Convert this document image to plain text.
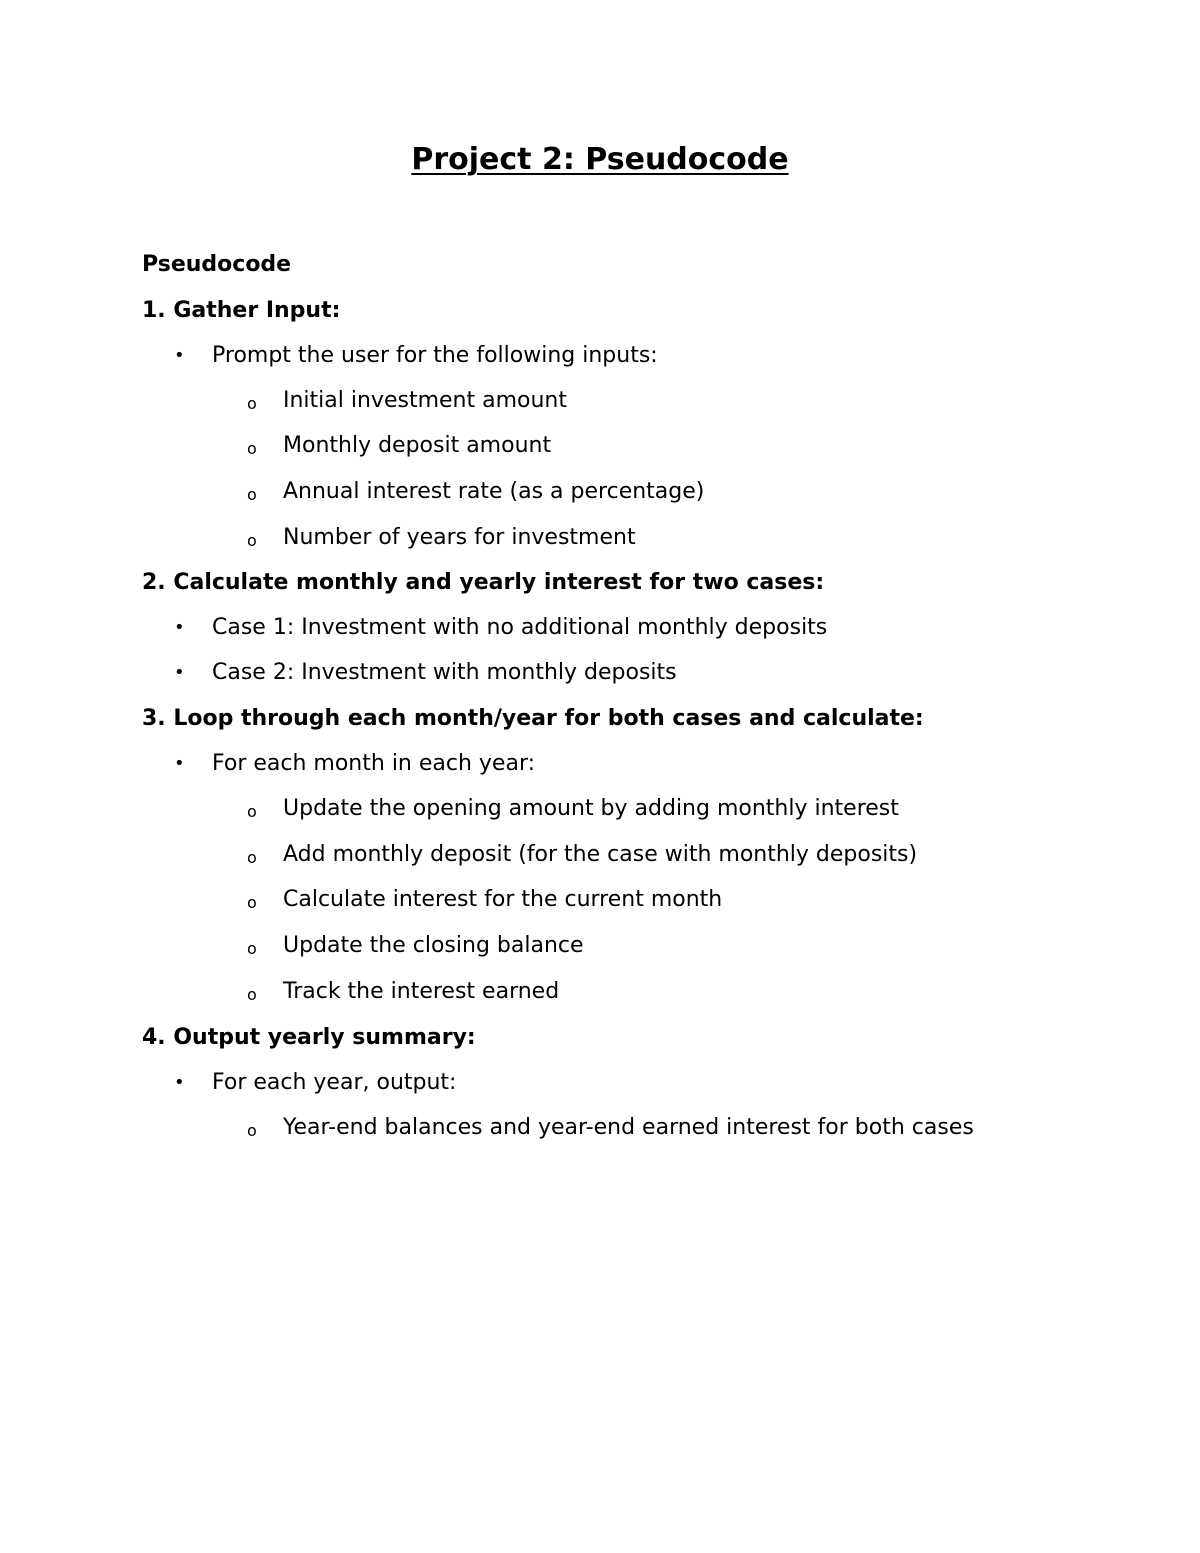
Project 2: Pseudocode

Pseudocode

1. Gather Input:

• Prompt the user for the following inputs:

o Initial investment amount

o Monthly deposit amount

o Annual interest rate (as a percentage)

o Number of years for investment

2. Calculate monthly and yearly interest for two cases:

• Case 1: Investment with no additional monthly deposits

• Case 2: Investment with monthly deposits

3. Loop through each month/year for both cases and calculate:

• For each month in each year:

o Update the opening amount by adding monthly interest

o Add monthly deposit (for the case with monthly deposits)

o Calculate interest for the current month

o Update the closing balance

o Track the interest earned

4. Output yearly summary:

• For each year, output:

o Year-end balances and year-end earned interest for both cases
